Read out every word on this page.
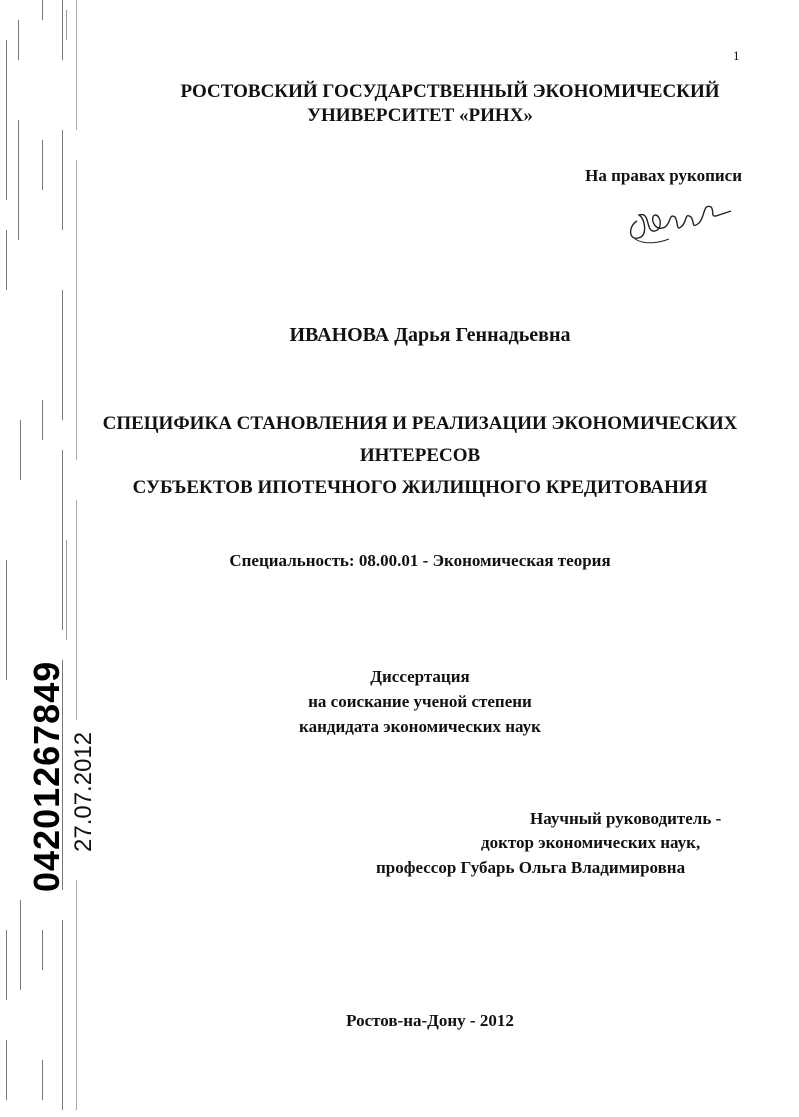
04201267849 27.07.2012
1
РОСТОВСКИЙ ГОСУДАРСТВЕННЫЙ ЭКОНОМИЧЕСКИЙ
УНИВЕРСИТЕТ «РИНХ»
На правах рукописи
ИВАНОВА Дарья Геннадьевна
СПЕЦИФИКА СТАНОВЛЕНИЯ И РЕАЛИЗАЦИИ ЭКОНОМИЧЕСКИХ
ИНТЕРЕСОВ
СУБЪЕКТОВ ИПОТЕЧНОГО ЖИЛИЩНОГО КРЕДИТОВАНИЯ
Специальность: 08.00.01 - Экономическая теория
Диссертация
на соискание ученой степени
кандидата экономических наук
Научный руководитель -
доктор экономических наук,
профессор Губарь Ольга Владимировна
Ростов-на-Дону - 2012
